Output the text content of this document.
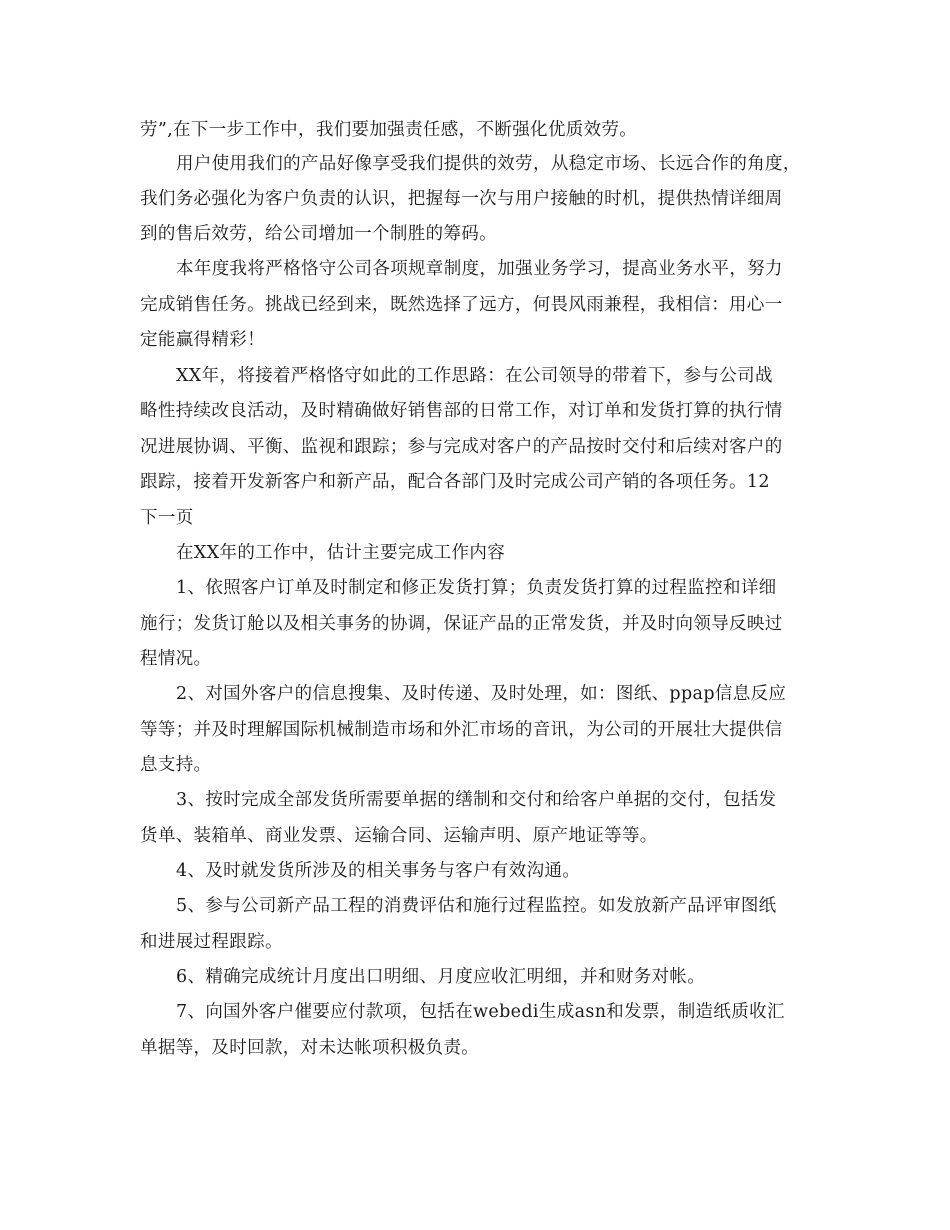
劳”,在下一步工作中，我们要加强责任感，不断强化优质效劳。

用户使用我们的产品好像享受我们提供的效劳，从稳定市场、长远合作的角度，

我们务必强化为客户负责的认识，把握每一次与用户接触的时机，提供热情详细周

到的售后效劳，给公司增加一个制胜的筹码。

本年度我将严格恪守公司各项规章制度，加强业务学习，提高业务水平，努力

完成销售任务。挑战已经到来，既然选择了远方，何畏风雨兼程，我相信：用心一

定能赢得精彩！

XX年，将接着严格恪守如此的工作思路：在公司领导的带着下，参与公司战

略性持续改良活动，及时精确做好销售部的日常工作，对订单和发货打算的执行情

况进展协调、平衡、监视和跟踪；参与完成对客户的产品按时交付和后续对客户的

跟踪，接着开发新客户和新产品，配合各部门及时完成公司产销的各项任务。12

下一页

在XX年的工作中，估计主要完成工作内容

1、依照客户订单及时制定和修正发货打算；负责发货打算的过程监控和详细

施行；发货订舱以及相关事务的协调，保证产品的正常发货，并及时向领导反映过

程情况。

2、对国外客户的信息搜集、及时传递、及时处理，如：图纸、ppap信息反应

等等；并及时理解国际机械制造市场和外汇市场的音讯，为公司的开展壮大提供信

息支持。

3、按时完成全部发货所需要单据的缮制和交付和给客户单据的交付，包括发

货单、装箱单、商业发票、运输合同、运输声明、原产地证等等。

4、及时就发货所涉及的相关事务与客户有效沟通。

5、参与公司新产品工程的消费评估和施行过程监控。如发放新产品评审图纸

和进展过程跟踪。

6、精确完成统计月度出口明细、月度应收汇明细，并和财务对帐。

7、向国外客户催要应付款项，包括在webedi生成asn和发票，制造纸质收汇

单据等，及时回款，对未达帐项积极负责。
